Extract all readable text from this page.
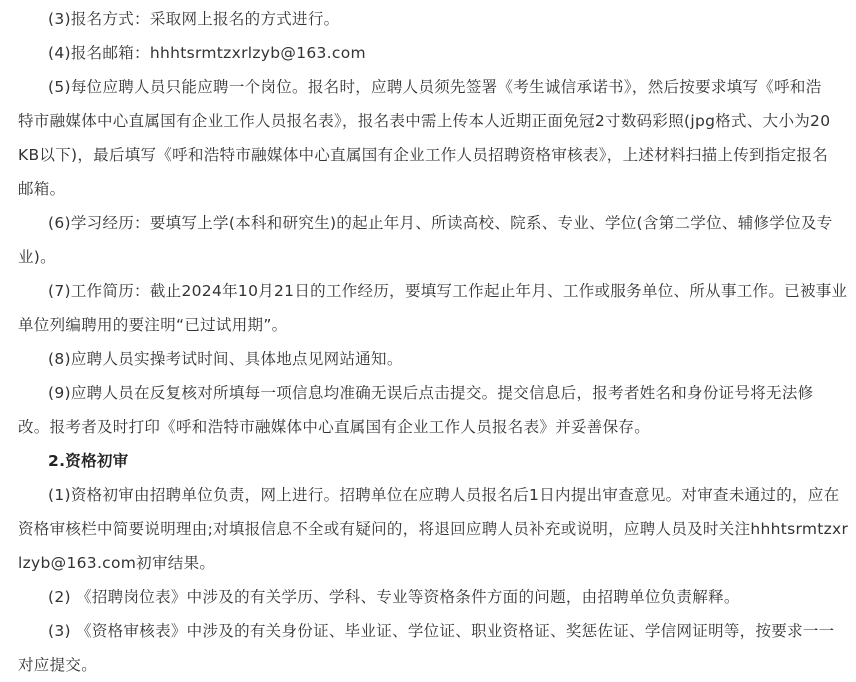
(3)报名方式：采取网上报名的方式进行。
(4)报名邮箱：hhhtsrmtzxrlzyb@163.com
(5)每位应聘人员只能应聘一个岗位。报名时，应聘人员须先签署《考生诚信承诺书》，然后按要求填写《呼和浩
特市融媒体中心直属国有企业工作人员报名表》，报名表中需上传本人近期正面免冠2寸数码彩照(jpg格式、大小为20
KB以下)，最后填写《呼和浩特市融媒体中心直属国有企业工作人员招聘资格审核表》，上述材料扫描上传到指定报名
邮箱。
(6)学习经历：要填写上学(本科和研究生)的起止年月、所读高校、院系、专业、学位(含第二学位、辅修学位及专
业)。
(7)工作简历：截止2024年10月21日的工作经历，要填写工作起止年月、工作或服务单位、所从事工作。已被事业
单位列编聘用的要注明“已过试用期”。
(8)应聘人员实操考试时间、具体地点见网站通知。
(9)应聘人员在反复核对所填每一项信息均准确无误后点击提交。提交信息后，报考者姓名和身份证号将无法修
改。报考者及时打印《呼和浩特市融媒体中心直属国有企业工作人员报名表》并妥善保存。
2.资格初审
(1)资格初审由招聘单位负责，网上进行。招聘单位在应聘人员报名后1日内提出审查意见。对审查未通过的，应在
资格审核栏中简要说明理由;对填报信息不全或有疑问的，将退回应聘人员补充或说明，应聘人员及时关注hhhtsrmtzxr
lzyb@163.com初审结果。
(2) 《招聘岗位表》中涉及的有关学历、学科、专业等资格条件方面的问题，由招聘单位负责解释。
(3) 《资格审核表》中涉及的有关身份证、毕业证、学位证、职业资格证、奖惩佐证、学信网证明等，按要求一一
对应提交。
